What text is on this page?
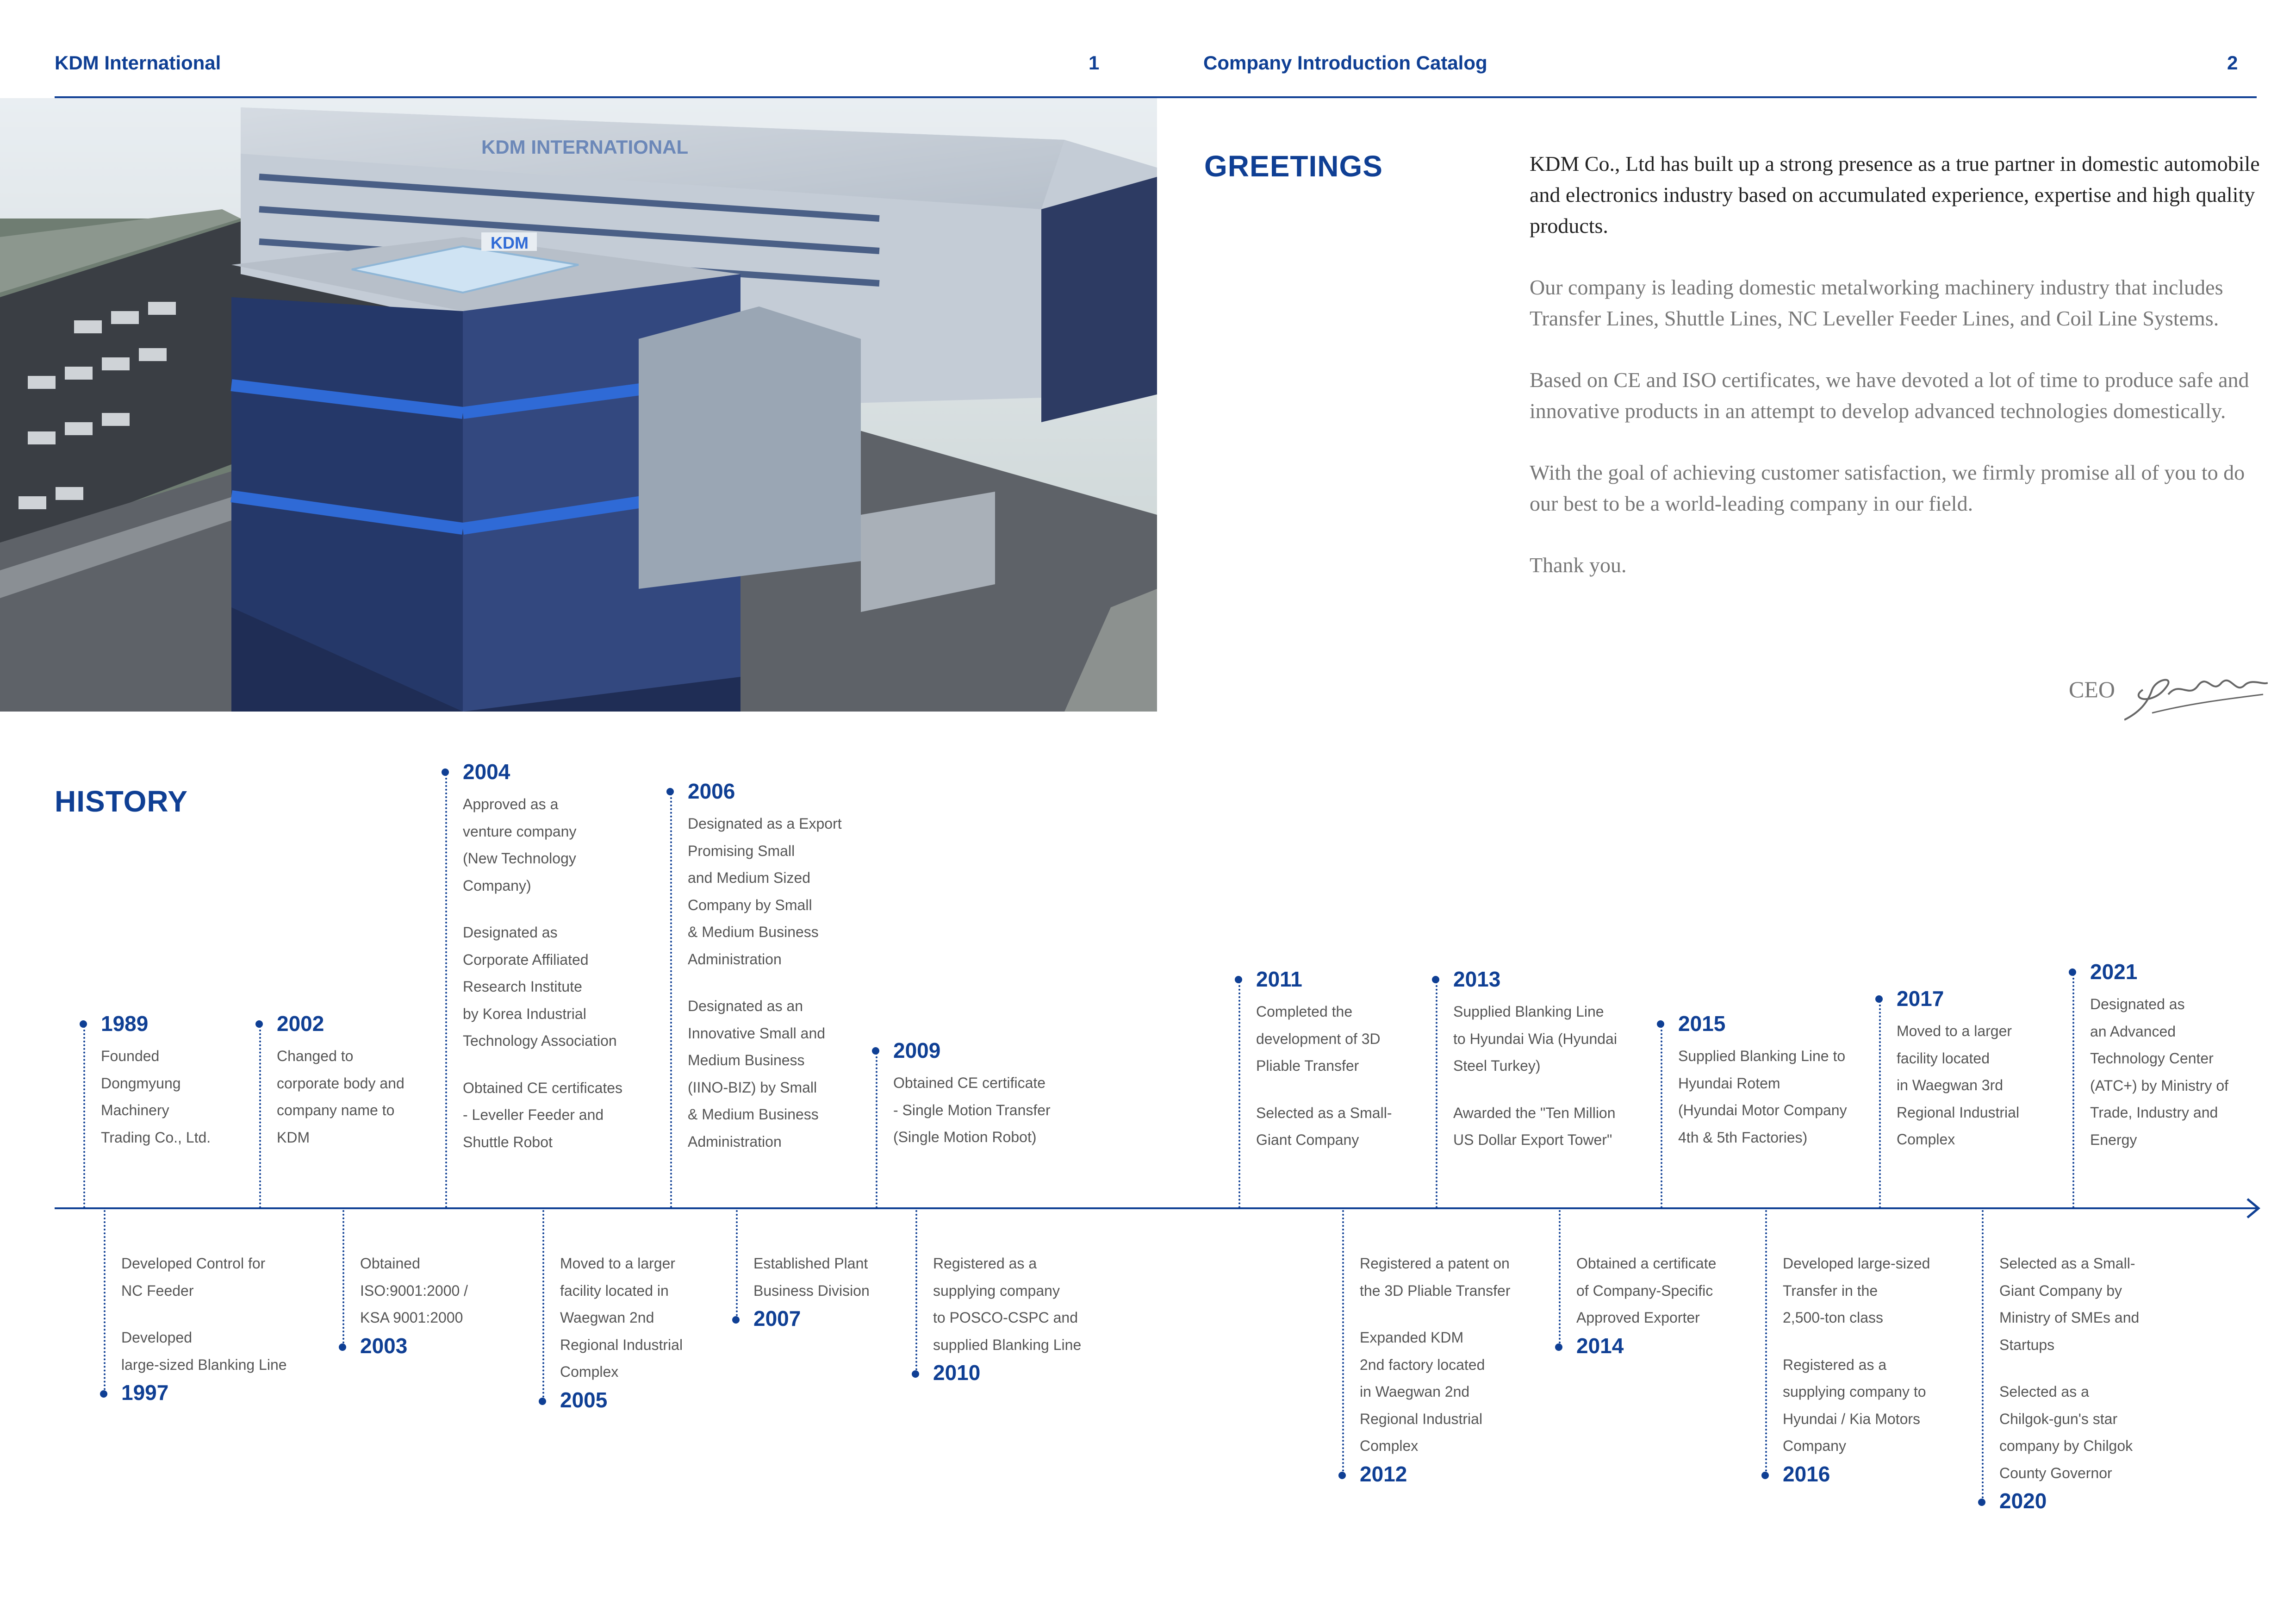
KDM International	1	Company Introduction Catalog	2
KDM
KDM INTERNATIONAL
GREETINGS	KDM Co., Ltd has built up a strong presence as a true partner in domestic automobile and electronics industry based on accumulated experience, expertise and high quality products.

Our company is leading domestic metalworking machinery industry that includes Transfer Lines, Shuttle Lines, NC Leveller Feeder Lines, and Coil Line Systems.

Based on CE and ISO certificates, we have devoted a lot of time to produce safe and innovative products in an attempt to develop advanced technologies domestically.

With the goal of achieving customer satisfaction, we firmly promise all of you to do our best to be a world-leading company in our field.

Thank you.

CEO
HISTORY
1989

Founded
Dongmyung
Machinery
Trading Co., Ltd.

2002

Changed to
corporate body and
company name to
KDM

2004

Approved as a
venture company
(New Technology
Company)

Designated as
Corporate Affiliated
Research Institute
by Korea Industrial
Technology Association

Obtained CE certificates
- Leveller Feeder and
Shuttle Robot

2006

Designated as a Export
Promising Small
and Medium Sized
Company by Small
& Medium Business
Administration

Designated as an
Innovative Small and
Medium Business
(IINO-BIZ) by Small
& Medium Business
Administration

2009

Obtained CE certificate
- Single Motion Transfer
(Single Motion Robot)

2011

Completed the
development of 3D
Pliable Transfer

Selected as a Small-
Giant Company

2013

Supplied Blanking Line
to Hyundai Wia (Hyundai
Steel Turkey)

Awarded the "Ten Million
US Dollar Export Tower"

2015

Supplied Blanking Line to
Hyundai Rotem
(Hyundai Motor Company
4th & 5th Factories)

2017

Moved to a larger
facility located
in Waegwan 3rd
Regional Industrial
Complex

2021

Designated as
an Advanced
Technology Center
(ATC+) by Ministry of
Trade, Industry and
Energy

1997

Developed Control for
NC Feeder

Developed
large-sized Blanking Line

2003

Obtained
ISO:9001:2000 /
KSA 9001:2000

2005

Moved to a larger
facility located in
Waegwan 2nd
Regional Industrial
Complex

2007

Established Plant
Business Division

2010

Registered as a
supplying company
to POSCO-CSPC and
supplied Blanking Line

2012

Registered a patent on
the 3D Pliable Transfer

Expanded KDM
2nd factory located
in Waegwan 2nd
Regional Industrial
Complex

2014

Obtained a certificate
of Company-Specific
Approved Exporter

2016

Developed large-sized
Transfer in the
2,500-ton class

Registered as a
supplying company to
Hyundai / Kia Motors
Company

2020

Selected as a Small-
Giant Company by
Ministry of SMEs and
Startups

Selected as a
Chilgok-gun's star
company by Chilgok
County Governor
